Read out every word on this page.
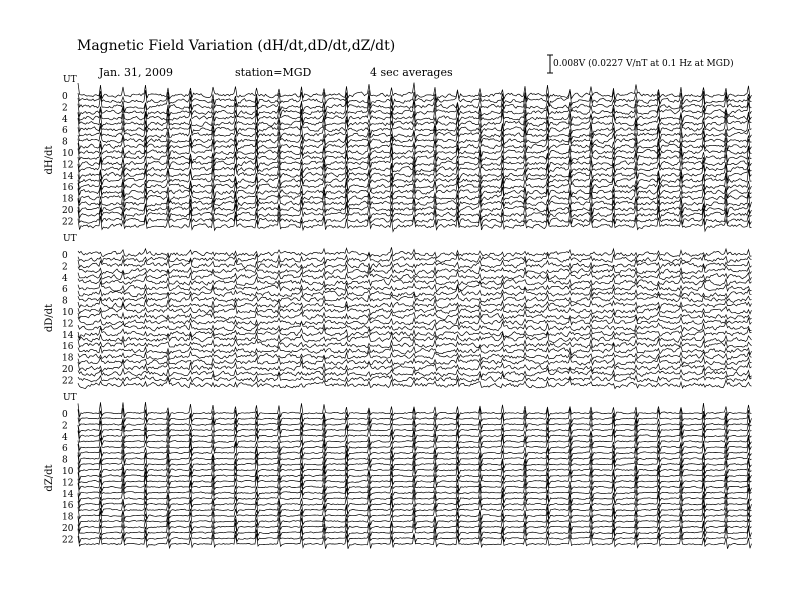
Magnetic Field Variation (dH/dt,dD/dt,dZ/dt)
Jan. 31, 2009	station=MGD	4 sec averages
0.008V (0.0227 V/nT at 0.1 Hz at MGD)
UT
dH/dt
0
2
4
6
8
10
12
14
16
18
20
22
UT
dD/dt
0
2
4
6
8
10
12
14
16
18
20
22
UT
dZ/dt
0
2
4
6
8
10
12
14
16
18
20
22
